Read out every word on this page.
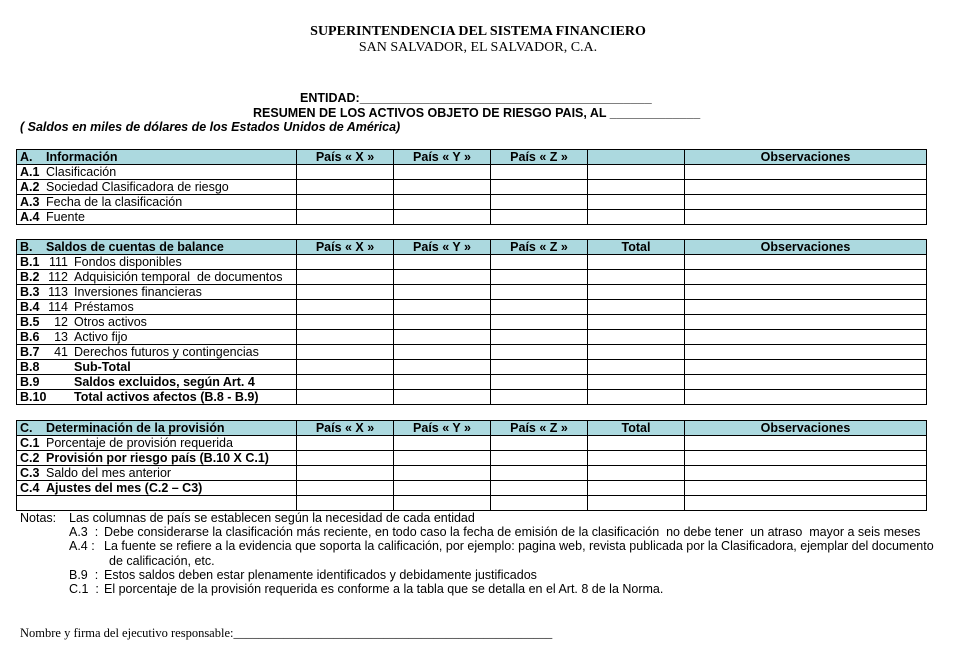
SUPERINTENDENCIA DEL SISTEMA FINANCIERO
SAN SALVADOR, EL SALVADOR, C.A.
ENTIDAD:__________________________________________
RESUMEN DE LOS ACTIVOS OBJETO DE RIESGO PAIS, AL _____________
( Saldos en miles de dólares de los Estados Unidos de América)
A. Información	País « X »	País « Y »	País « Z »		Observaciones
A.1 Clasificación					
A.2 Sociedad Clasificadora de riesgo					
A.3 Fecha de la clasificación					
A.4 Fuente					
B. Saldos de cuentas de balance	País « X »	País « Y »	País « Z »	Total	Observaciones
B.1 111 Fondos disponibles					
B.2 112 Adquisición temporal  de documentos					
B.3 113 Inversiones financieras					
B.4 114 Préstamos					
B.5 12 Otros activos					
B.6 13 Activo fijo					
B.7 41 Derechos futuros y contingencias					
B.8 Sub-Total					
B.9 Saldos excluidos, según Art. 4					
B.10 Total activos afectos (B.8 - B.9)					
C. Determinación de la provisión	País « X »	País « Y »	País « Z »	Total	Observaciones
C.1 Porcentaje de provisión requerida					
C.2 Provisión por riesgo país (B.10 X C.1)					
C.3 Saldo del mes anterior					
C.4 Ajustes del mes (C.2 – C3)					

Notas: Las columnas de país se establecen según la necesidad de cada entidad
A.3  : Debe considerarse la clasificación más reciente, en todo caso la fecha de emisión de la clasificación  no debe tener  un atraso  mayor a seis meses
A.4 : La fuente se refiere a la evidencia que soporta la calificación, por ejemplo: pagina web, revista publicada por la Clasificadora, ejemplar del documento
de calificación, etc.
B.9  : Estos saldos deben estar plenamente identificados y debidamente justificados
C.1  : El porcentaje de la provisión requerida es conforme a la tabla que se detalla en el Art. 8 de la Norma.
Nombre y firma del ejecutivo responsable:___________________________________________________
